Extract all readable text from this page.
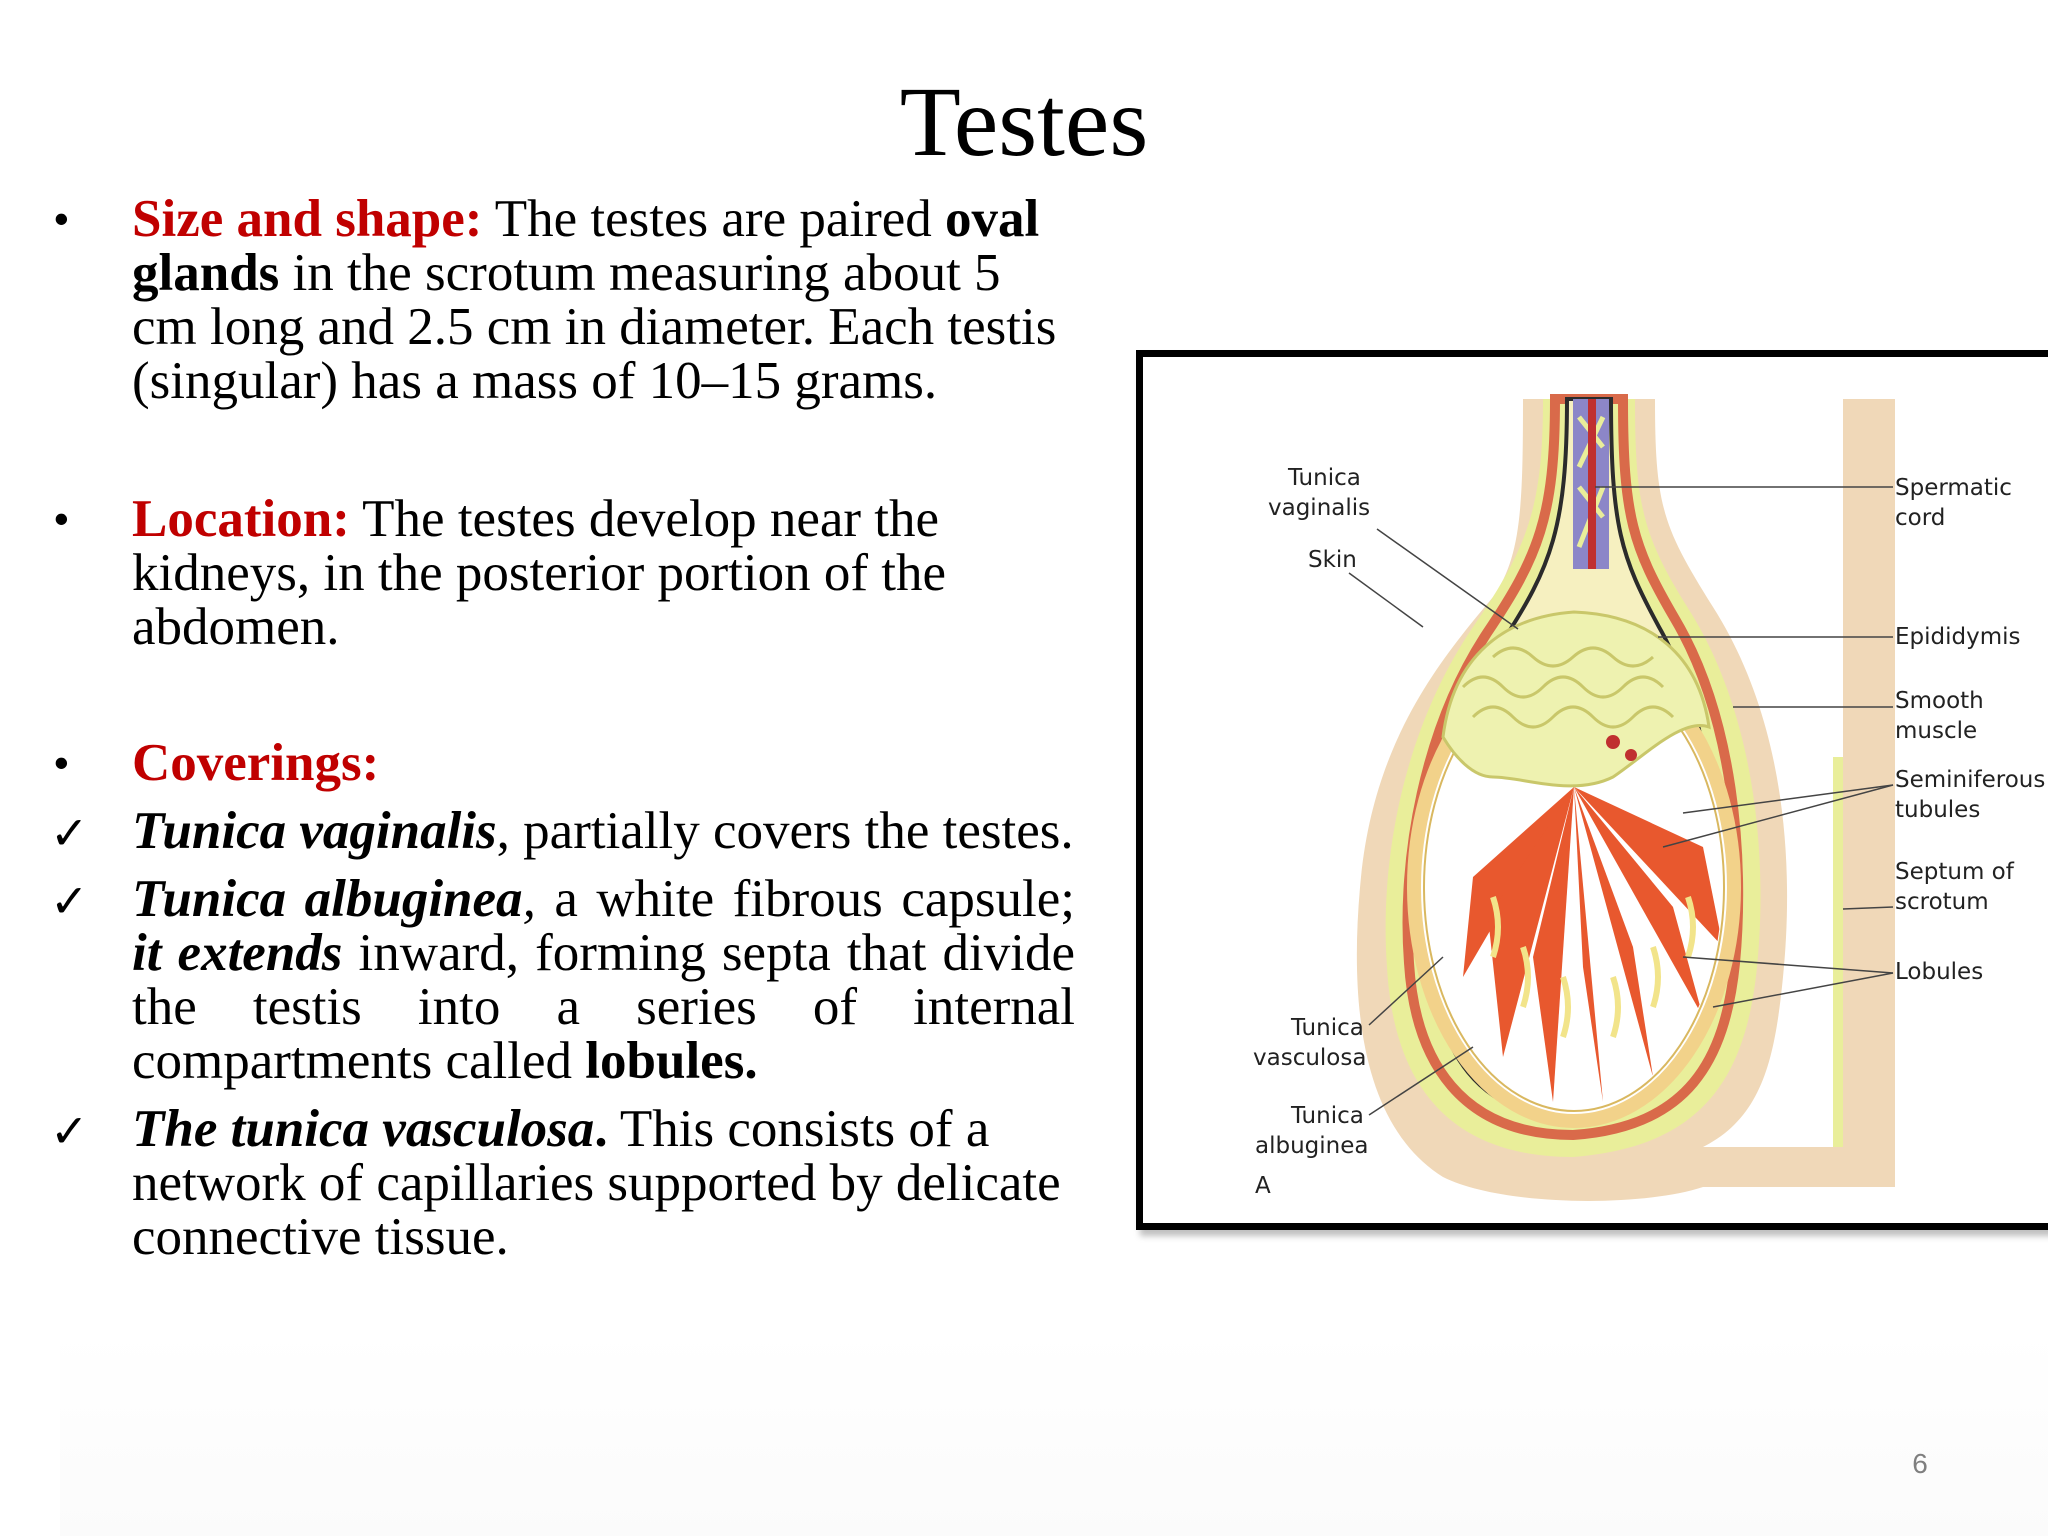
Testes
•	Size and shape: The testes are paired oval glands in the scrotum measuring about 5 cm long and 2.5 cm in diameter. Each testis (singular) has a mass of 10–15 grams.
•	Location: The testes develop near the kidneys, in the posterior portion of the abdomen.
•	Coverings:
✓ Tunica vaginalis, partially covers the testes.
✓ Tunica albuginea, a white fibrous capsule; it extends inward, forming septa that divide the testis into a series of internal compartments called lobules.
✓ The tunica vasculosa. This consists of a network of capillaries supported by delicate connective tissue.
Tunica
vaginalis
Skin
Tunica
vasculosa
Tunica
albuginea
A
Spermatic
cord
Epididymis
Smooth
muscle
Seminiferous
tubules
Septum of
scrotum
Lobules
6
